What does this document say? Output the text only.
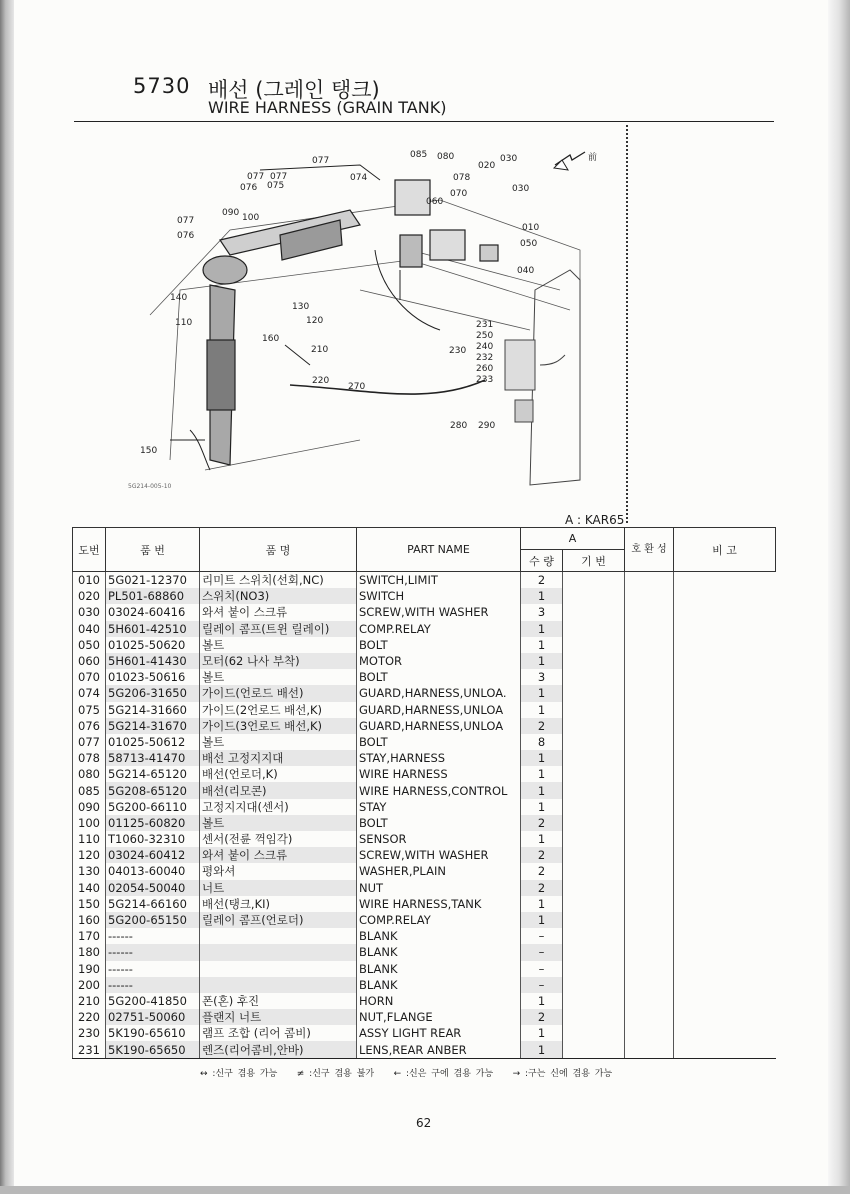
5730 배선 (그레인 탱크)
WIRE HARNESS (GRAIN TANK)
前
085 080
077
077 077	074	078
076 075
020
030
070	030
090 100
060
010
077
076
050
040
140
130
120
110
160
210
220
270
231
250
240
232
260
233
230
280 290
150
5G214-005-10
A : KAR65
도번	품 번	품 명	PART NAME	A		호 환 성	비 고
				수 량	기 번		
010	5G021-12370	리미트 스위치(선회,NC)	SWITCH,LIMIT	2			
020	PL501-68860	스위치(NO3)	SWITCH	1			
030	03024-60416	와셔 붙이 스크류	SCREW,WITH WASHER	3			
040	5H601-42510	릴레이 콤프(트윈 릴레이)	COMP.RELAY	1			
050	01025-50620	볼트	BOLT	1			
060	5H601-41430	모터(62 나사 부착)	MOTOR	1			
070	01023-50616	볼트	BOLT	3			
074	5G206-31650	가이드(언로드 배선)	GUARD,HARNESS,UNLOA.	1			
075	5G214-31660	가이드(2언로드 배선,K)	GUARD,HARNESS,UNLOA	1			
076	5G214-31670	가이드(3언로드 배선,K)	GUARD,HARNESS,UNLOA	2			
077	01025-50612	볼트	BOLT	8			
078	58713-41470	배선 고정지지대	STAY,HARNESS	1			
080	5G214-65120	배선(언로더,K)	WIRE HARNESS	1			
085	5G208-65120	배선(리모콘)	WIRE HARNESS,CONTROL	1			
090	5G200-66110	고정지지대(센서)	STAY	1			
100	01125-60820	볼트	BOLT	2			
110	T1060-32310	센서(전륜 꺽임각)	SENSOR	1			
120	03024-60412	와셔 붙이 스크류	SCREW,WITH WASHER	2			
130	04013-60040	평와셔	WASHER,PLAIN	2			
140	02054-50040	너트	NUT	2			
150	5G214-66160	배선(탱크,KI)	WIRE HARNESS,TANK	1			
160	5G200-65150	릴레이 콤프(언로더)	COMP.RELAY	1			
170	------		BLANK	–			
180	------		BLANK	–			
190	------		BLANK	–			
200	------		BLANK	–			
210	5G200-41850	폰(혼) 후진	HORN	1			
220	02751-50060	플랜지 너트	NUT,FLANGE	2			
230	5K190-65610	램프 조합 (리어 콤비)	ASSY LIGHT REAR	1			
231	5K190-65650	렌즈(리어콤비,안바)	LENS,REAR ANBER	1			
↔ :신구 겸용 가능 ≠ :신구 겸용 불가 ← :신은 구에 겸용 가능 → :구는 신에 겸용 가능
62
